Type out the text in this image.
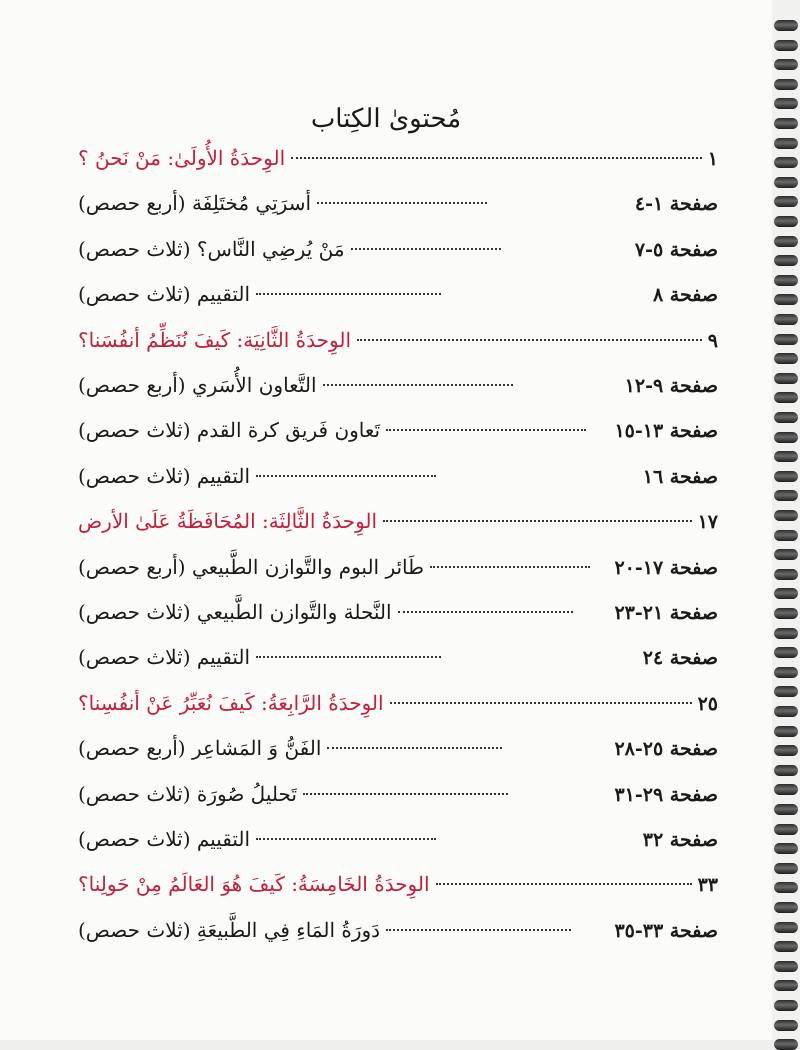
مُحتوىٰ الكِتاب
الوِحدَةُ الأُولَىٰ: مَنْ نَحنُ ؟	١
أسرَتِي مُختَلِفَة (أربع حصص)	صفحة ١-٤
مَنْ يُرضِي النَّاس؟ (ثلاث حصص)	صفحة ٥-٧
التقييم (ثلاث حصص)	صفحة ٨
الوِحدَةُ الثَّانِيَة: كَيفَ نُنَظِّمُ أنفُسَنا؟	٩
التَّعاون الأُسَري (أربع حصص)	صفحة ٩-١٢
تَعاون فَريق كرة القدم (ثلاث حصص)	صفحة ١٣-١٥
التقييم (ثلاث حصص)	صفحة ١٦
الوِحدَةُ الثَّالِثَة: المُحَافَظَةُ عَلَىٰ الأرض	١٧
طَائر البوم والتَّوازن الطَّبيعي (أربع حصص)	صفحة ١٧-٢٠
النَّحلة والتَّوازن الطَّبيعي (ثلاث حصص)	صفحة ٢١-٢٣
التقييم (ثلاث حصص)	صفحة ٢٤
الوِحدَةُ الرَّابِعَةُ: كَيفَ نُعَبِّرُ عَنْ أنفُسِنا؟	٢٥
الفَنُّ وَ المَشاعِر (أربع حصص)	صفحة ٢٥-٢٨
تَحليلُ صُورَة (ثلاث حصص)	صفحة ٢٩-٣١
التقييم (ثلاث حصص)	صفحة ٣٢
الوِحدَةُ الخَامِسَةُ: كَيفَ هُوَ العَالَمُ مِنْ حَولِنا؟	٣٣
دَورَةُ المَاءِ فِي الطَّبيعَةِ (ثلاث حصص)	صفحة ٣٣-٣٥
